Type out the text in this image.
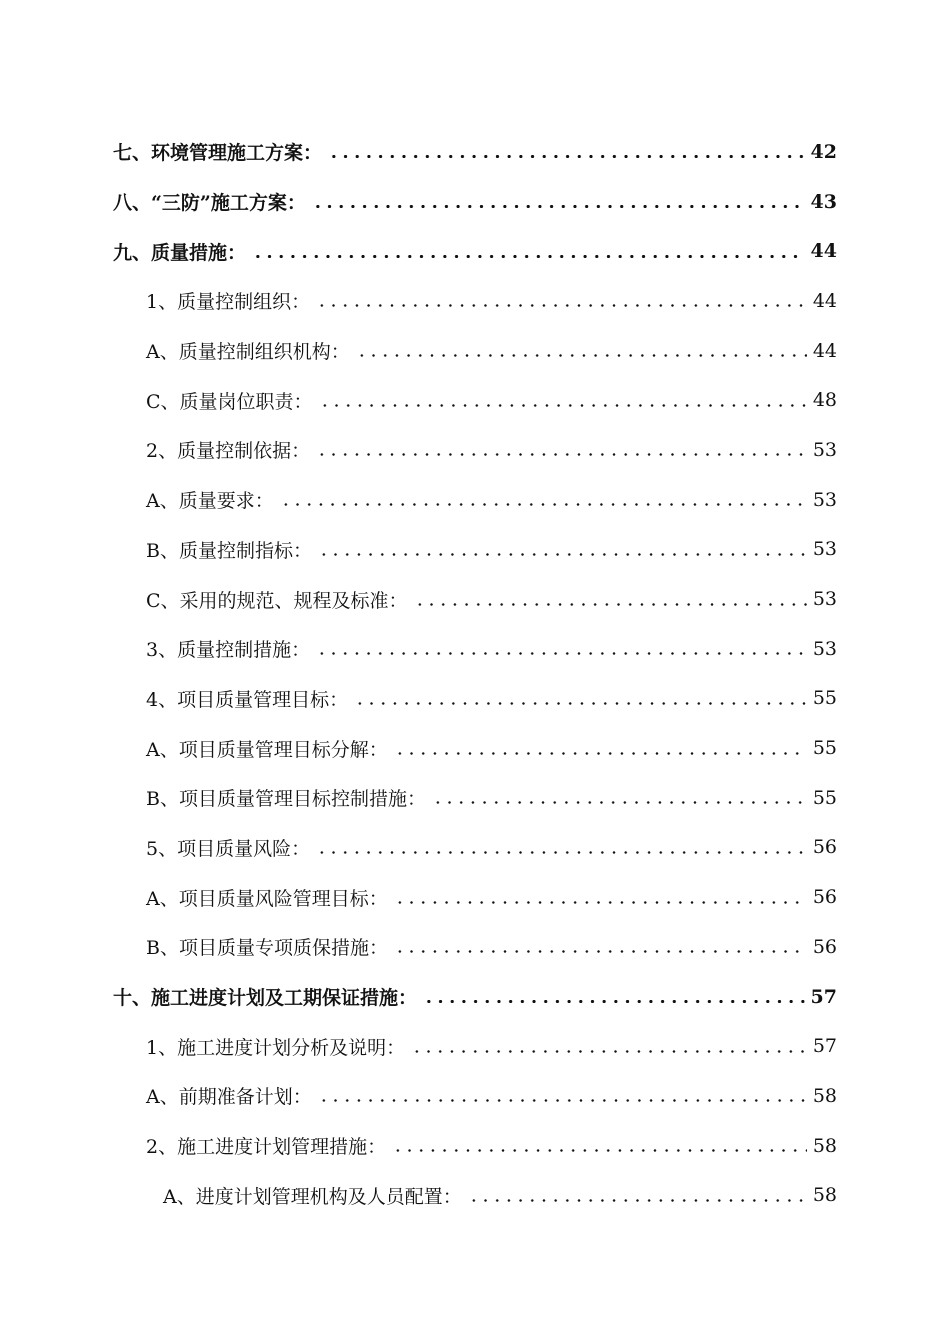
七、环境管理施工方案：	42
八、“三防”施工方案：	43
九、质量措施：	44
1、质量控制组织：	44
A、质量控制组织机构：	44
C、质量岗位职责：	48
2、质量控制依据：	53
A、质量要求：	53
B、质量控制指标：	53
C、采用的规范、规程及标准：	53
3、质量控制措施：	53
4、项目质量管理目标：	55
A、项目质量管理目标分解：	55
B、项目质量管理目标控制措施：	55
5、项目质量风险：	56
A、项目质量风险管理目标：	56
B、项目质量专项质保措施：	56
十、施工进度计划及工期保证措施：	57
1、施工进度计划分析及说明：	57
A、前期准备计划：	58
2、施工进度计划管理措施：	58
A、进度计划管理机构及人员配置：	58
